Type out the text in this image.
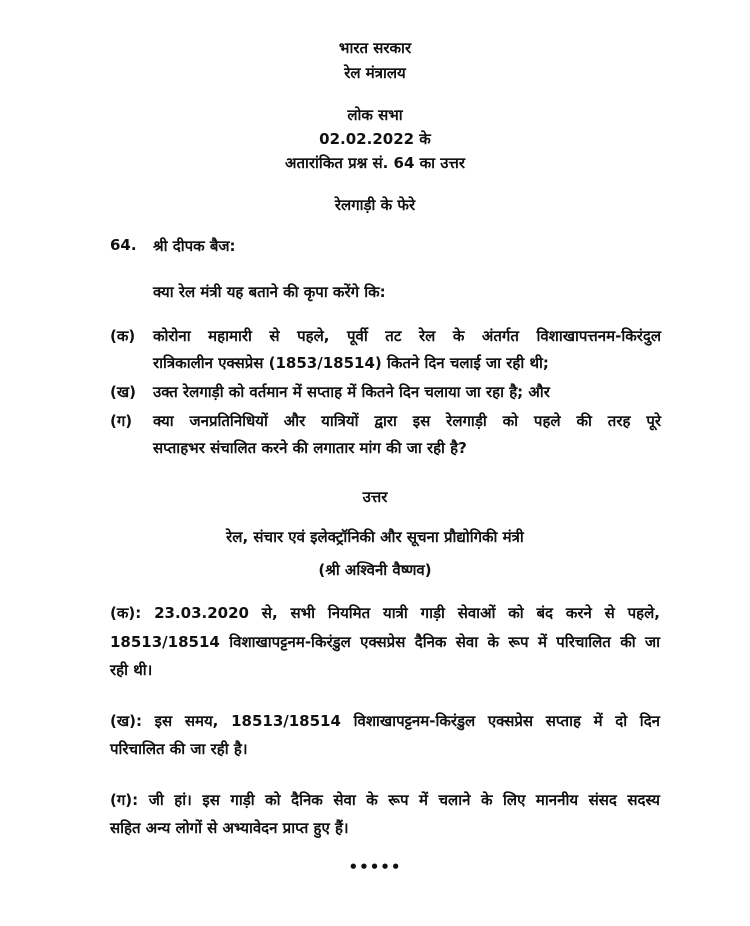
भारत सरकार
रेल मंत्रालय
लोक सभा
02.02.2022 के
अतारांकित प्रश्न सं. 64 का उत्तर
रेलगाड़ी के फेरे
64. श्री दीपक बैज:
क्या रेल मंत्री यह बताने की कृपा करेंगे कि:
(क) कोरोना महामारी से पहले, पूर्वी तट रेल के अंतर्गत विशाखापत्तनम-किरंदुल
रात्रिकालीन एक्सप्रेस (1853/18514) कितने दिन चलाई जा रही थी;
(ख) उक्त रेलगाड़ी को वर्तमान में सप्ताह में कितने दिन चलाया जा रहा है; और
(ग) क्या जनप्रतिनिधियों और यात्रियों द्वारा इस रेलगाड़ी को पहले की तरह पूरे
सप्ताहभर संचालित करने की लगातार मांग की जा रही है?
उत्तर
रेल, संचार एवं इलेक्ट्रॉनिकी और सूचना प्रौद्योगिकी मंत्री
(श्री अश्विनी वैष्णव)
(क): 23.03.2020 से, सभी नियमित यात्री गाड़ी सेवाओं को बंद करने से पहले,
18513/18514 विशाखापट्टनम-किरंडुल एक्सप्रेस दैनिक सेवा के रूप में परिचालित की जा
रही थी।
(ख): इस समय, 18513/18514 विशाखापट्टनम-किरंडुल एक्सप्रेस सप्ताह में दो दिन
परिचालित की जा रही है।
(ग): जी हां। इस गाड़ी को दैनिक सेवा के रूप में चलाने के लिए माननीय संसद सदस्य
सहित अन्य लोगों से अभ्यावेदन प्राप्त हुए हैं।
•••••
